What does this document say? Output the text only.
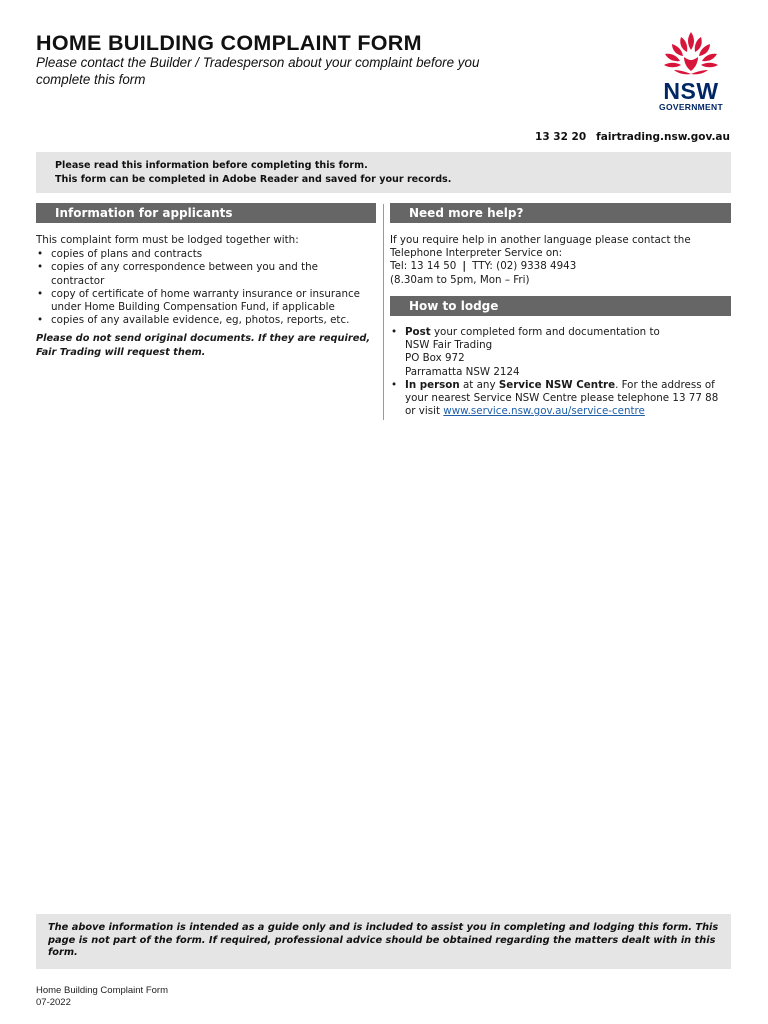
HOME BUILDING COMPLAINT FORM
Please contact the Builder / Tradesperson about your complaint before you complete this form	NSW
GOVERNMENT
13 32 20 fairtrading.nsw.gov.au
Please read this information before completing this form.
This form can be completed in Adobe Reader and saved for your records.
Information for applicants
This complaint form must be lodged together with:
• copies of plans and contracts
• copies of any correspondence between you and the contractor
• copy of certificate of home warranty insurance or insurance under Home Building Compensation Fund, if applicable
• copies of any available evidence, eg, photos, reports, etc.
Please do not send original documents. If they are required, Fair Trading will request them.
Need more help?
If you require help in another language please contact the Telephone Interpreter Service on:
Tel: 13 14 50 | TTY: (02) 9338 4943
(8.30am to 5pm, Mon – Fri)
How to lodge
• Post your completed form and documentation to
NSW Fair Trading
PO Box 972
Parramatta NSW 2124
• In person at any Service NSW Centre. For the address of your nearest Service NSW Centre please telephone 13 77 88 or visit www.service.nsw.gov.au/service-centre
The above information is intended as a guide only and is included to assist you in completing and lodging this form. This page is not part of the form. If required, professional advice should be obtained regarding the matters dealt with in this form.
Home Building Complaint Form
07-2022
